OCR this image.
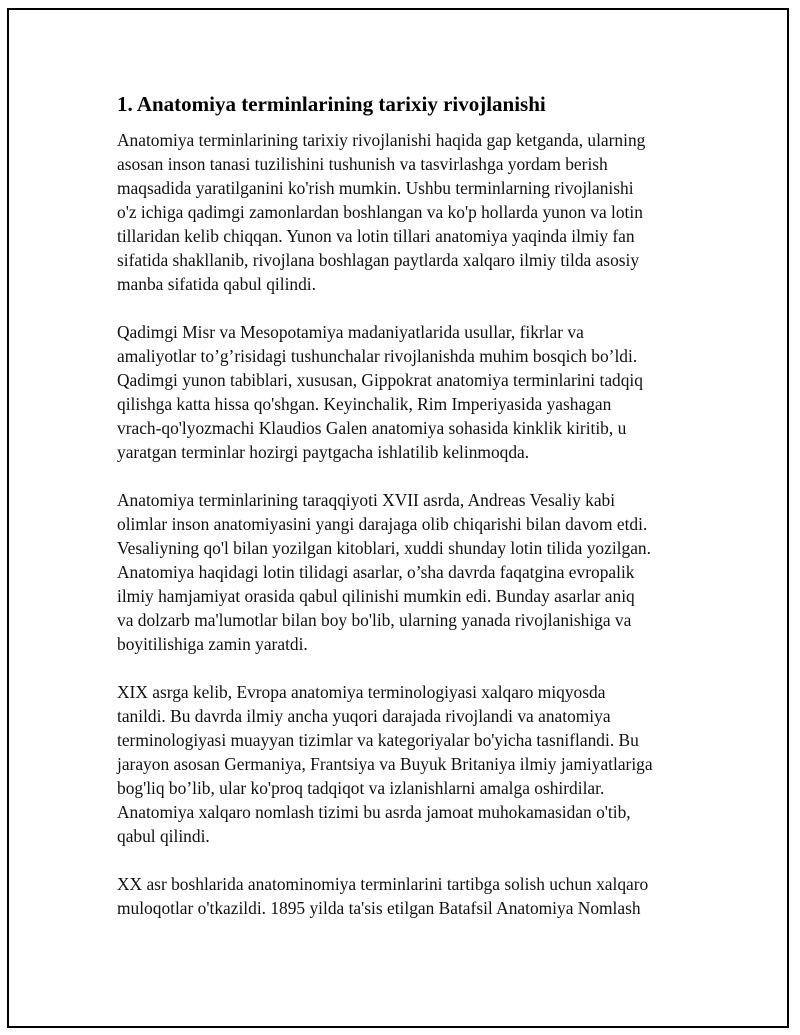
1. Anatomiya terminlarining tarixiy rivojlanishi

Anatomiya terminlarining tarixiy rivojlanishi haqida gap ketganda, ularning
asosan inson tanasi tuzilishini tushunish va tasvirlashga yordam berish
maqsadida yaratilganini ko'rish mumkin. Ushbu terminlarning rivojlanishi
o'z ichiga qadimgi zamonlardan boshlangan va ko'p hollarda yunon va lotin
tillaridan kelib chiqqan. Yunon va lotin tillari anatomiya yaqinda ilmiy fan
sifatida shakllanib, rivojlana boshlagan paytlarda xalqaro ilmiy tilda asosiy
manba sifatida qabul qilindi.

Qadimgi Misr va Mesopotamiya madaniyatlarida usullar, fikrlar va
amaliyotlar to’g’risidagi tushunchalar rivojlanishda muhim bosqich bo’ldi.
Qadimgi yunon tabiblari, xususan, Gippokrat anatomiya terminlarini tadqiq
qilishga katta hissa qo'shgan. Keyinchalik, Rim Imperiyasida yashagan
vrach-qo'lyozmachi Klaudios Galen anatomiya sohasida kinklik kiritib, u
yaratgan terminlar hozirgi paytgacha ishlatilib kelinmoqda.

Anatomiya terminlarining taraqqiyoti XVII asrda, Andreas Vesaliy kabi
olimlar inson anatomiyasini yangi darajaga olib chiqarishi bilan davom etdi.
Vesaliyning qo'l bilan yozilgan kitoblari, xuddi shunday lotin tilida yozilgan.
Anatomiya haqidagi lotin tilidagi asarlar, o’sha davrda faqatgina evropalik
ilmiy hamjamiyat orasida qabul qilinishi mumkin edi. Bunday asarlar aniq
va dolzarb ma'lumotlar bilan boy bo'lib, ularning yanada rivojlanishiga va
boyitilishiga zamin yaratdi.

XIX asrga kelib, Evropa anatomiya terminologiyasi xalqaro miqyosda
tanildi. Bu davrda ilmiy ancha yuqori darajada rivojlandi va anatomiya
terminologiyasi muayyan tizimlar va kategoriyalar bo'yicha tasniflandi. Bu
jarayon asosan Germaniya, Frantsiya va Buyuk Britaniya ilmiy jamiyatlariga
bog'liq bo’lib, ular ko'proq tadqiqot va izlanishlarni amalga oshirdilar.
Anatomiya xalqaro nomlash tizimi bu asrda jamoat muhokamasidan o'tib,
qabul qilindi.

XX asr boshlarida anatominomiya terminlarini tartibga solish uchun xalqaro
muloqotlar o'tkazildi. 1895 yilda ta'sis etilgan Batafsil Anatomiya Nomlash
